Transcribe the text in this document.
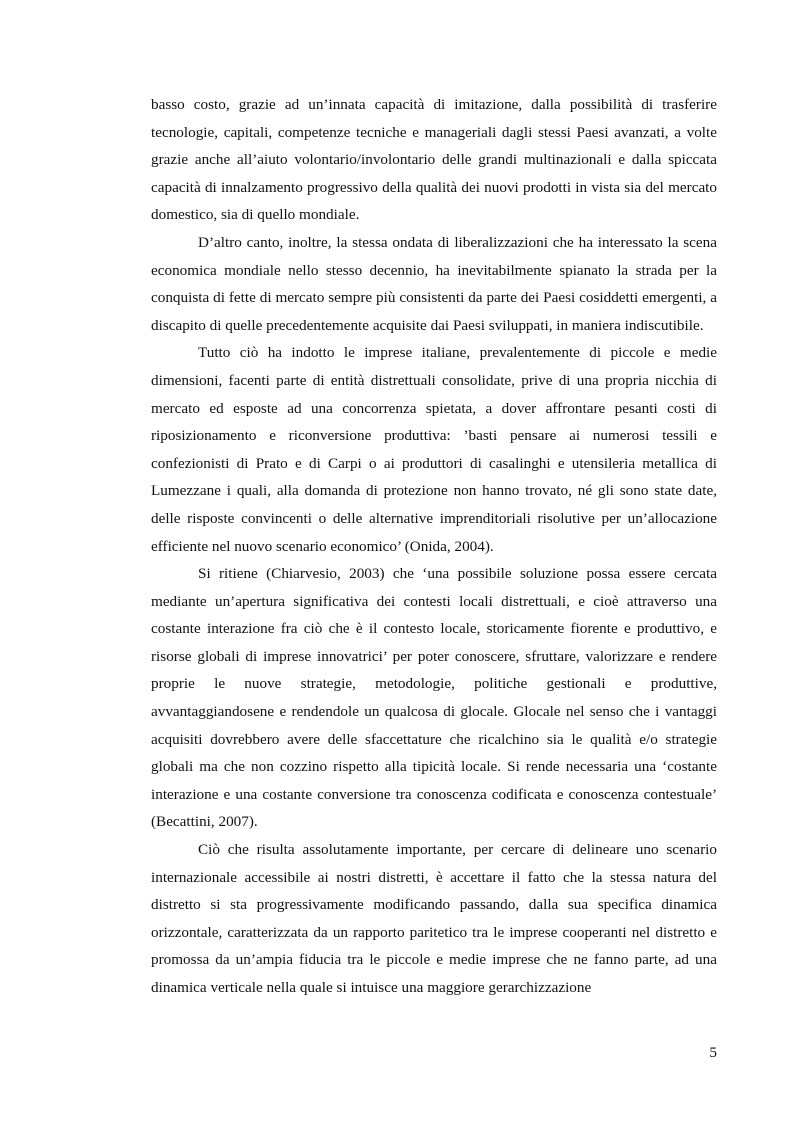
basso costo, grazie ad un’innata capacità di imitazione, dalla possibilità di trasferire tecnologie, capitali, competenze tecniche e manageriali dagli stessi Paesi avanzati, a volte grazie anche all’aiuto volontario/involontario delle grandi multinazionali e dalla spiccata capacità di innalzamento progressivo della qualità dei nuovi prodotti in vista sia del mercato domestico, sia di quello mondiale.

D’altro canto, inoltre, la stessa ondata di liberalizzazioni che ha interessato la scena economica mondiale nello stesso decennio, ha inevitabilmente spianato la strada per la conquista di fette di mercato sempre più consistenti da parte dei Paesi cosiddetti emergenti, a discapito di quelle precedentemente acquisite dai Paesi sviluppati, in maniera indiscutibile.

Tutto ciò ha indotto le imprese italiane, prevalentemente di piccole e medie dimensioni, facenti parte di entità distrettuali consolidate, prive di una propria nicchia di mercato ed esposte ad una concorrenza spietata, a dover affrontare pesanti costi di riposizionamento e riconversione produttiva: ’basti pensare ai numerosi tessili e confezionisti di Prato e di Carpi o ai produttori di casalinghi e utensileria metallica di Lumezzane i quali, alla domanda di protezione non hanno trovato, né gli sono state date, delle risposte convincenti o delle alternative imprenditoriali risolutive per un’allocazione efficiente nel nuovo scenario economico’ (Onida, 2004).

Si ritiene (Chiarvesio, 2003) che ‘una possibile soluzione possa essere cercata mediante un’apertura significativa dei contesti locali distrettuali, e cioè attraverso una costante interazione fra ciò che è il contesto locale, storicamente fiorente e produttivo, e risorse globali di imprese innovatrici’ per poter conoscere, sfruttare, valorizzare e rendere proprie le nuove strategie, metodologie, politiche gestionali e produttive, avvantaggiandosene e rendendole un qualcosa di glocale. Glocale nel senso che i vantaggi acquisiti dovrebbero avere delle sfaccettature che ricalchino sia le qualità e/o strategie globali ma che non cozzino rispetto alla tipicità locale. Si rende necessaria una ‘costante interazione e una costante conversione tra conoscenza codificata e conoscenza contestuale’ (Becattini, 2007).

Ciò che risulta assolutamente importante, per cercare di delineare uno scenario internazionale accessibile ai nostri distretti, è accettare il fatto che la stessa natura del distretto si sta progressivamente modificando passando, dalla sua specifica dinamica orizzontale, caratterizzata da un rapporto paritetico tra le imprese cooperanti nel distretto e promossa da un’ampia fiducia tra le piccole e medie imprese che ne fanno parte, ad una dinamica verticale nella quale si intuisce una maggiore gerarchizzazione

5
